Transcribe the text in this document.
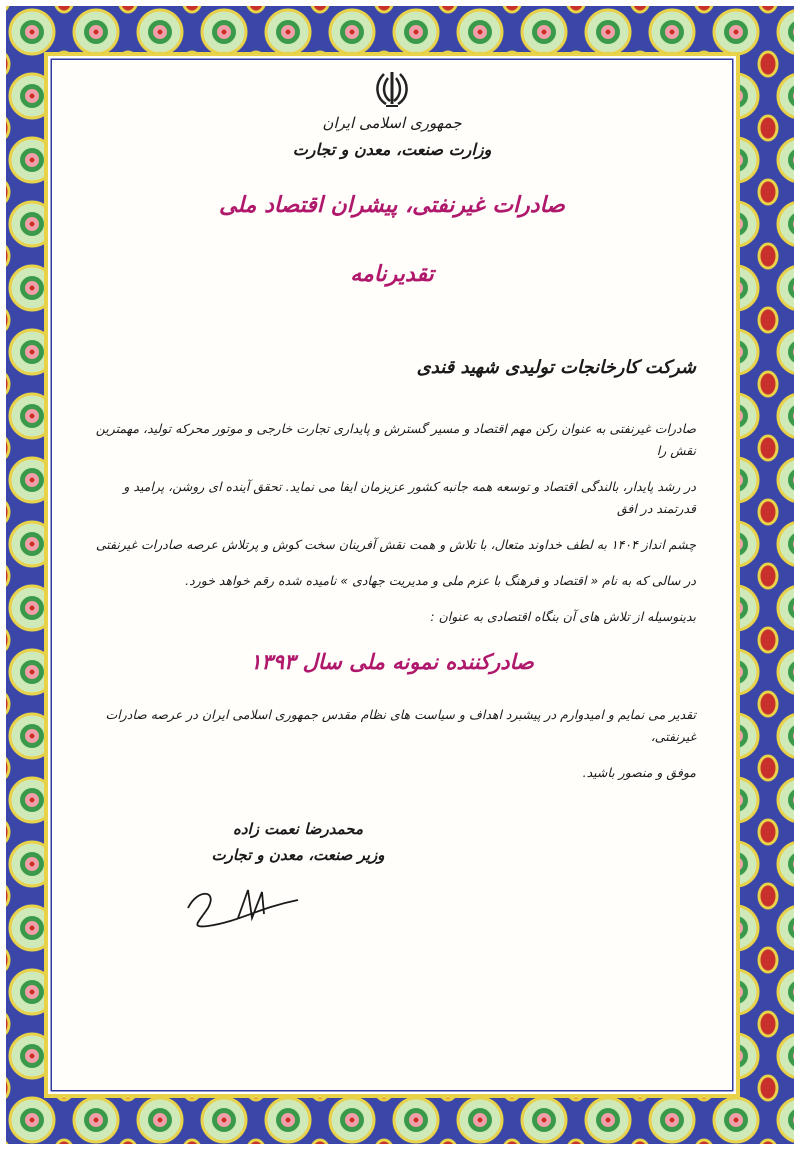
جمهوری اسلامی ایران
وزارت صنعت، معدن و تجارت
صادرات غیرنفتی، پیشران اقتصاد ملی
تقدیرنامه
شرکت کارخانجات تولیدی شهید قندی
صادرات غیرنفتی به عنوان رکن مهم اقتصاد و مسیر گسترش و پایداری تجارت خارجی و موتور محرکه تولید، مهمترین نقش را
در رشد پایدار، بالندگی اقتصاد و توسعه همه جانبه کشور عزیزمان ایفا می نماید. تحقق آینده ای روشن، پرامید و قدرتمند در افق
چشم انداز ۱۴۰۴ به لطف خداوند متعال، با تلاش و همت نقش آفرینان سخت کوش و پرتلاش عرصه صادرات غیرنفتی
در سالی که به نام « اقتصاد و فرهنگ با عزم ملی و مدیریت جهادی » نامیده شده رقم خواهد خورد.
بدینوسیله از تلاش های آن بنگاه اقتصادی به عنوان :
صادرکننده نمونه ملی سال ۱۳۹۳
تقدیر می نمایم و امیدوارم در پیشبرد اهداف و سیاست های نظام مقدس جمهوری اسلامی ایران در عرصه صادرات غیرنفتی،
موفق و منصور باشید.
محمدرضا نعمت زاده
وزیر صنعت، معدن و تجارت
